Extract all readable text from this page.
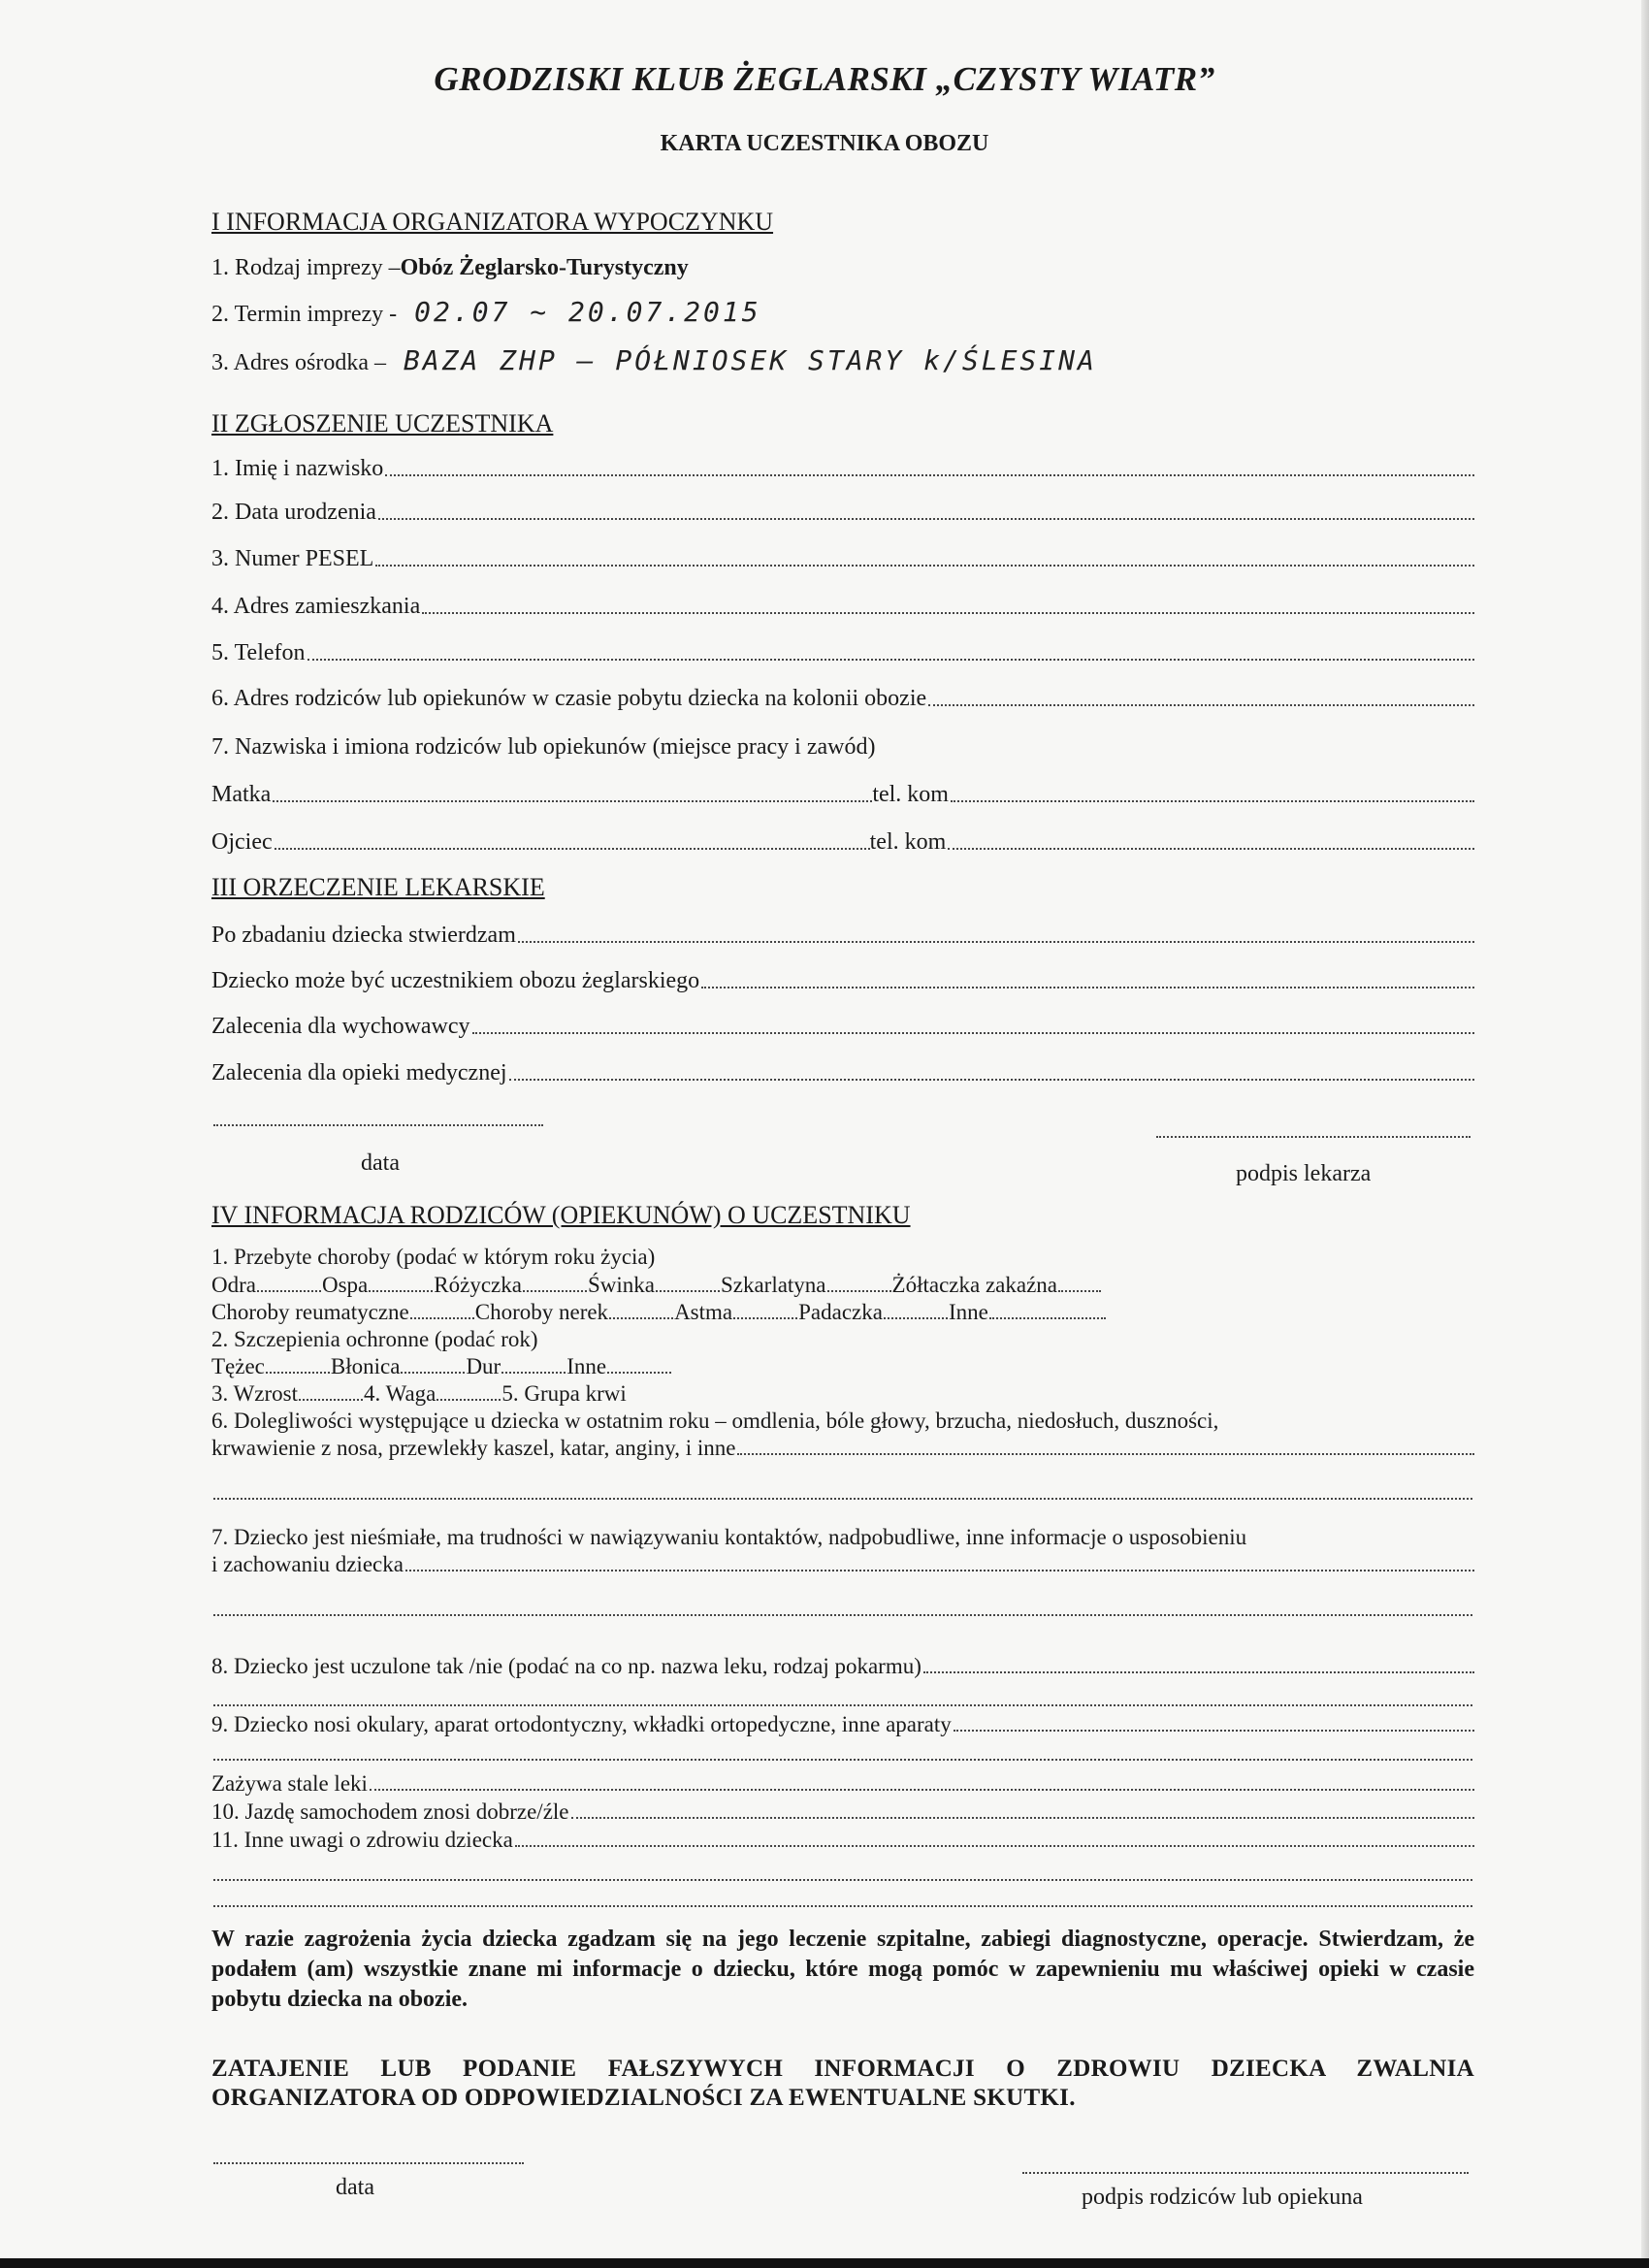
GRODZISKI KLUB ŻEGLARSKI „CZYSTY WIATR”
KARTA UCZESTNIKA OBOZU
I INFORMACJA ORGANIZATORA WYPOCZYNKU
1. Rodzaj imprezy – Obóz Żeglarsko-Turystyczny
2. Termin imprezy - 02.07 ~ 20.07.2015
3. Adres ośrodka – BAZA ZHP – PÓŁNIOSEK STARY k/ŚLESINA
II ZGŁOSZENIE UCZESTNIKA
1. Imię i nazwisko
2. Data urodzenia
3. Numer PESEL
4. Adres zamieszkania
5. Telefon
6. Adres rodziców lub opiekunów w czasie pobytu dziecka na kolonii obozie
7. Nazwiska i imiona rodziców lub opiekunów (miejsce pracy i zawód)
Matka	tel. kom
Ojciec	tel. kom
III ORZECZENIE LEKARSKIE
Po zbadaniu dziecka stwierdzam
Dziecko może być uczestnikiem obozu żeglarskiego
Zalecenia dla wychowawcy
Zalecenia dla opieki medycznej
data	podpis lekarza
IV INFORMACJA RODZICÓW (OPIEKUNÓW) O UCZESTNIKU
1. Przebyte choroby (podać w którym roku życia)
Odra	Ospa	Różyczka	Świnka	Szkarlatyna	Żółtaczka zakaźna
Choroby reumatyczne	Choroby nerek	Astma	Padaczka	Inne
2. Szczepienia ochronne (podać rok)
Tężec	Błonica	Dur	Inne
3. Wzrost	4. Waga	5. Grupa krwi
6. Dolegliwości występujące u dziecka w ostatnim roku – omdlenia, bóle głowy, brzucha, niedosłuch, duszności,
krwawienie z nosa, przewlekły kaszel, katar, anginy, i inne
7. Dziecko jest nieśmiałe, ma trudności w nawiązywaniu kontaktów, nadpobudliwe, inne informacje o usposobieniu
i zachowaniu dziecka
8. Dziecko jest uczulone tak /nie (podać na co np. nazwa leku, rodzaj pokarmu)
9. Dziecko nosi okulary, aparat ortodontyczny, wkładki ortopedyczne, inne aparaty
Zażywa stale leki
10. Jazdę samochodem znosi dobrze/źle
11. Inne uwagi o zdrowiu dziecka
W razie zagrożenia życia dziecka zgadzam się na jego leczenie szpitalne, zabiegi diagnostyczne, operacje. Stwierdzam, że podałem (am) wszystkie znane mi informacje o dziecku, które mogą pomóc w zapewnieniu mu właściwej opieki w czasie pobytu dziecka na obozie.
ZATAJENIE LUB PODANIE FAŁSZYWYCH INFORMACJI O ZDROWIU DZIECKA ZWALNIA ORGANIZATORA OD ODPOWIEDZIALNOŚCI ZA EWENTUALNE SKUTKI.
data	podpis rodziców lub opiekuna
